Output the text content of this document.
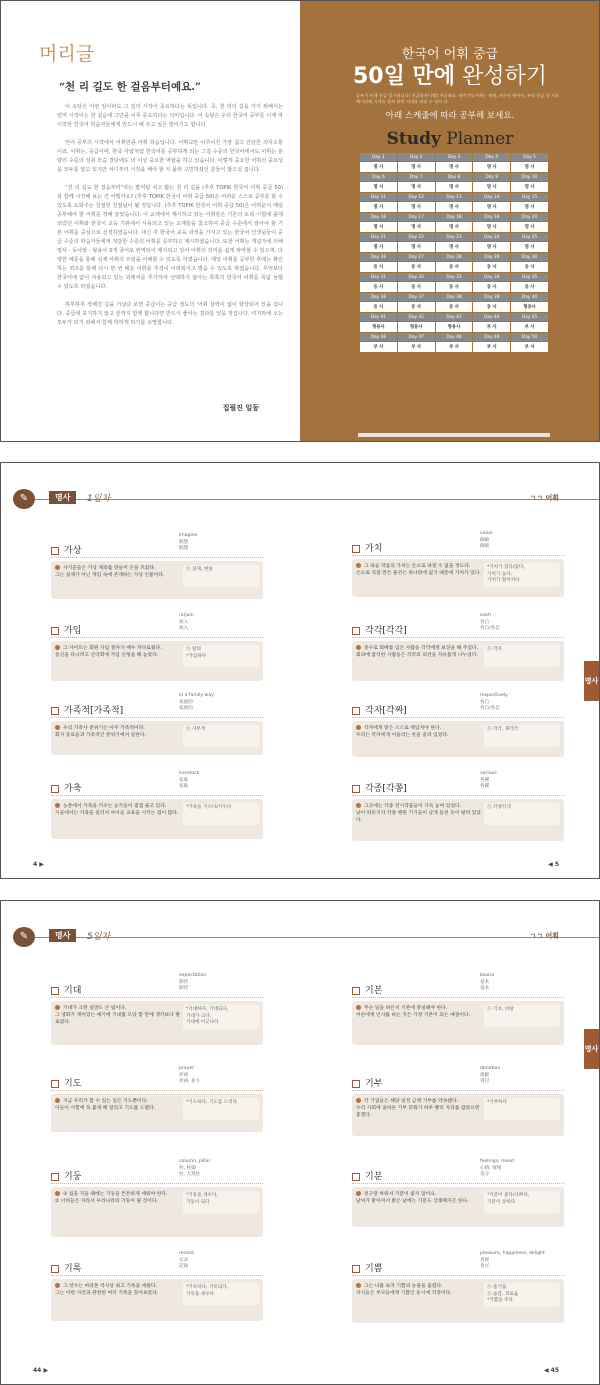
머리글
“천 리 길도 한 걸음부터예요.”

이 속담은 어떤 일이라도 그 일의 시작이 중요하다는 뜻입니다. 즉, 천 리의 길을 가기 위해서는 먼저 시작이는 한 걸음에 그만큼 이루 중요하다는 의미입니다. 이 속담은 우리 한국어 공부를 이제 막 시작한 한국어 학습자들에게 반드시 해 주고 싶은 말이기도 합니다.

언어 공부의 시작에서 어휘만큼 어휘 학습입니다. 어휘교만 이루어진 가장 쉽고 간단한 의사소통이죠. 어휘는, 중급이며, 한국 사람처럼 한국어를 공부하게 되는 그걸 수준의 한국어에서도 어휘는 분량의 수준의 성취 모습 결단에도 더 이상 중요한 역할을 하고 있습니다. 이렇게 중요한 어휘의 중요성을 모두를 알고 있지만 어디부터 시작을 해야 할 지 몰라 고민하셨던 분들이 많으실 겁니다.

“천 리 길도 한 걸음부터”라는 말처럼 쉬고 밟는 천 리 길을 (추후 TOPIK 한국어 어휘 중급 50)과 함께 시작해 보는 건 어떨까요? (추후 TOPIK 한국어 어휘 중급 50)은 어려운 스스로 공부를 할 수 있도록 도와주는 친절한 친절님이 될 것입니다. (추후 TOPIK 한국어 어휘 중급 50)은 어려운이 매일 공부해야 할 어휘를 정해 놓았습니다. 이 교재에서 제시하고 있는 어휘들은 기존의 토픽 시험에 출제되었던 어휘와 한국어 교육 기관에서 사용되고 있는 교재들을 참고하여 중급 수준에서 알아야 할 기본 어휘를 중심으로 선정하였습니다. 대신 각 한국어 교육 과정을 가지고 있는 한국어 선생님들이 중급 수준의 학습자들에게 적당한 수준의 어휘를 공부하고 제시하였습니다. 또한 어휘는 개념가에 의해 명사 · 동사와 · 형용사 3개 국어로 번역되어 제시되고 있어 어휘의 의미를 쉽게 파악할 수 있으며, 다양한 예문을 통해 실제 어휘의 쓰임을 이해할 수 있도록 하였습니다. 매일 어휘를 공부한 후에는 확인하는 퀴즈를 통해 다시 한 번 배운 어휘를 추적이 어려워지고 발음 수 있도록 하였습니다. 무엇보다 한국어에 없이 사용되고 있는 외래어를 추가하여 선택하지 않아는 쭉쭉의 한국어 어휘를 폭넓 늘릴 수 있도록 하였습니다.

하루하루 정해진 길을 거닐다 보면 중급이는 중급 정도의 '어휘 실력이 없이 향상되어 있을 겁니다. 중급에 포기하지 않고 끝까지 함께 합니다면 반드시 좋아는 결과를 얻을 것입니다. 여지막에 오는 모두가 되기 위해서 함께 학하게 하기를 소망합니다.

집필진 일동
한국어 어휘 중급
50일 만에 완성하기
공부가 어제 중급 입가합니다! 지금하자! (빨) 자습하다. 내비기오가에는 개재, 자운이 원어이, 우리 중급 정 거요에기년에 기내를 합쳐 한번 지내를 작용 수 정각 다.
아래 스케줄에 따라 공부해 보세요.
Study Planner
Day 1	Day 2	Day 3	Day 4	Day 5
명 사	명 사	명 사	명 사	명 사
Day 6	Day 7	Day 8	Day 9	Day 10
명 사	명 사	명 사	명 사	명 사
Day 11	Day 12	Day 13	Day 14	Day 15
명 사	명 사	명 사	명 사	명 사
Day 16	Day 17	Day 18	Day 19	Day 20
명 사	명 사	명 사	명 사	명 사
Day 21	Day 22	Day 23	Day 24	Day 25
명 사	명 사	명 사	명 사	명 사
Day 26	Day 27	Day 28	Day 29	Day 30
동 사	동 사	동 사	동 사	동 사
Day 31	Day 32	Day 33	Day 34	Day 35
동 사	동 사	동 사	동 사	동 사
Day 36	Day 37	Day 38	Day 39	Day 40
동 사	동 사	동 사	동 사	형용사
Day 41	Day 42	Day 43	Day 44	Day 45
형용사	형용사	형용사	부 사	부 사
Day 46	Day 47	Day 48	Day 49	Day 50
부 사	부 사	부 사	부 사	부 사
✎	명사	1일차
가상
imagine
假想
假想
사기꾼들은 가상 계좌를 만들어 돈을 모았다.
그는 실제가 아닌 게임 속에 존재하는 가상 인물이다.
㊇ 실제, 현실
가입
(a)join
加入
加入
그 사이트는 회원 가입 절차가 매우 까다로웠다.
동신을 다니려고 산악회에 가입 신청을 해 놓았다.
㊇ 탈퇴
*가입하다
가족적[가족적]
in a family way
家庭的
家族的
우리 가족사 분위기는 아주 가족적이다.
회사 동료들과 가족적인 분위기에서 일한다.
㊇ 사무적
가축
livestock
家畜
家畜
농촌에서 가축을 키우는 농가들이 점점 줄고 있다.
시골에서는 가축을 길러서 아이들 교육을 시키는 집이 많다.
*가축을 기르다/키우다
4 ▶
ㄱㄱ 어휘
명사
가치
value
価値
価値
그 의술 작품의 가치는 돈으로 따질 수 없을 정도다.
손으로 직접 만든 물건은 하나밖에 없기 때문에 가치가 있다.
*가치가 있다/없다,
가치가 높다,
가치가 떨어지다
각각[각각]
each
各自
各自/各自
중수로 회배를 입은 사람들 각각에게 보상을 해 주었다.
회의에 참석한 사람들은 각각의 의견을 자유롭게 나누었다.
㊇ 각자
각자[각짜]
respectively
各自
各自/各自
각자에게 맡은 스스로 책임져야 한다.
우리는 각자에게 어울리는 옷을 골라 입었다.
㊇ 각각, 제각각
각종[각쫑]
various
各種
各種
그곳에는 각종 전시작품들이 가득 놓여 있었다.
날이 따뜻지자 각종 병원 기기들이 날개 돋친 듯이 팔려 있었다.
㊇ 각양각색
◀ 5
✎	명사	5일차
기대
expectation
期待
期待
기대가 크면 실망도 큰 법이다.
그 영화가 재미있는 얘기에 기대를 모았 할 만에 생각보다 별로였다.
*기대하다, 기대되다,
기대가 크다,
기대에 어긋나다
기도
prayer
祈祷
祈祷, 祈り
지금 우리가 할 수 있는 일은 기도뿐이다.
아들이 시험에 꼭 붙게 해 달라고 기도를 드렸다.
*기도하다, 기도를 드리다
기둥
column, pillar
柱, 柱脚
柱, 大黒柱
① 집을 지을 때에는 기둥을 튼튼하게 세워야 한다.
② 너희들은 자라서 우리나라의 기둥이 될 것이다.
*기둥을 세우다,
기둥이 되다
기록
record
记录
記録
그 연수는 마라톤 역사상 최고 기록을 세웠다.
그는 이번 사건과 관련된 여러 기록을 찾아보았다.
*기록하다, 기록되다,
기록을 세우다
44 ▶
ㄱㄱ 어휘
명사
기본
basics
基本
基本
무슨 일을 하든지 기본에 충실해야 한다.
어른에게 인사를 하는 것은 가장 기본이 되는 예절이다.
㊇ 기초, 바탕
기부
donation
捐献
寄付
각 기업들은 해당 일정 금액 기부를 약속했다.
우리 사회에 올바른 기부 문화가 하루 빨리 자리를 잡았으면 좋겠다.
*기부하다
기분
feelings, mood
心情, 情绪
気分
친구랑 싸워서 기분이 좋지 않아요.
날씨가 맑아져서 밝은 날에는 기분도 상쾌해지곤 한다.
*기분이 좋다/나쁘다,
기분이 상하다
기쁨
pleasure, happiness, delight
喜悦
喜び
그는 나를 보자 기쁨의 눈물을 흘렸다.
자식들은 부모들에게 기쁨인 동시에 걱정이다.
㊇ 즐거움
㊇ 슬픔, 괴로움
*기쁨을 주다
◀ 45
